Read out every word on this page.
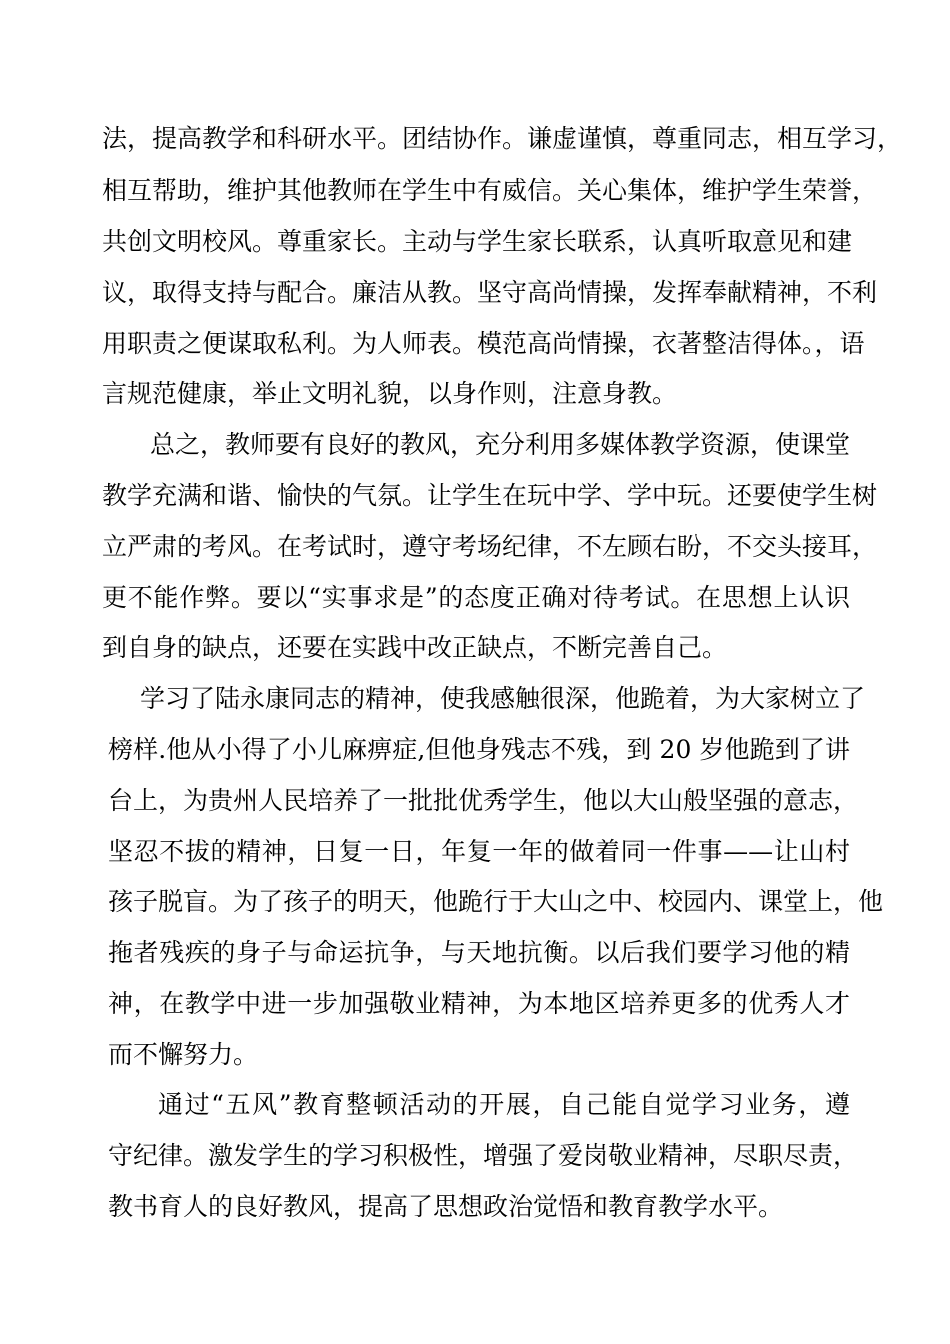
法，提高教学和科研水平。团结协作。谦虚谨慎，尊重同志，相互学习，
相互帮助，维护其他教师在学生中有威信。关心集体，维护学生荣誉，
共创文明校风。尊重家长。主动与学生家长联系，认真听取意见和建
议，取得支持与配合。廉洁从教。坚守高尚情操，发挥奉献精神，不利
用职责之便谋取私利。为人师表。模范高尚情操，衣著整洁得体。，语
言规范健康，举止文明礼貌，以身作则，注意身教。
总之，教师要有良好的教风，充分利用多媒体教学资源，使课堂
教学充满和谐、愉快的气氛。让学生在玩中学、学中玩。还要使学生树
立严肃的考风。在考试时，遵守考场纪律，不左顾右盼，不交头接耳，
更不能作弊。要以“实事求是”的态度正确对待考试。在思想上认识
到自身的缺点，还要在实践中改正缺点，不断完善自己。
学习了陆永康同志的精神，使我感触很深，他跪着，为大家树立了
榜样.他从小得了小儿麻痹症,但他身残志不残，到 20 岁他跪到了讲
台上，为贵州人民培养了一批批优秀学生，他以大山般坚强的意志，
坚忍不拔的精神，日复一日，年复一年的做着同一件事——让山村
孩子脱盲。为了孩子的明天，他跪行于大山之中、校园内、课堂上，他
拖者残疾的身子与命运抗争，与天地抗衡。以后我们要学习他的精
神，在教学中进一步加强敬业精神，为本地区培养更多的优秀人才
而不懈努力。
通过“五风”教育整顿活动的开展，自己能自觉学习业务，遵
守纪律。激发学生的学习积极性，增强了爱岗敬业精神，尽职尽责，
教书育人的良好教风，提高了思想政治觉悟和教育教学水平。
